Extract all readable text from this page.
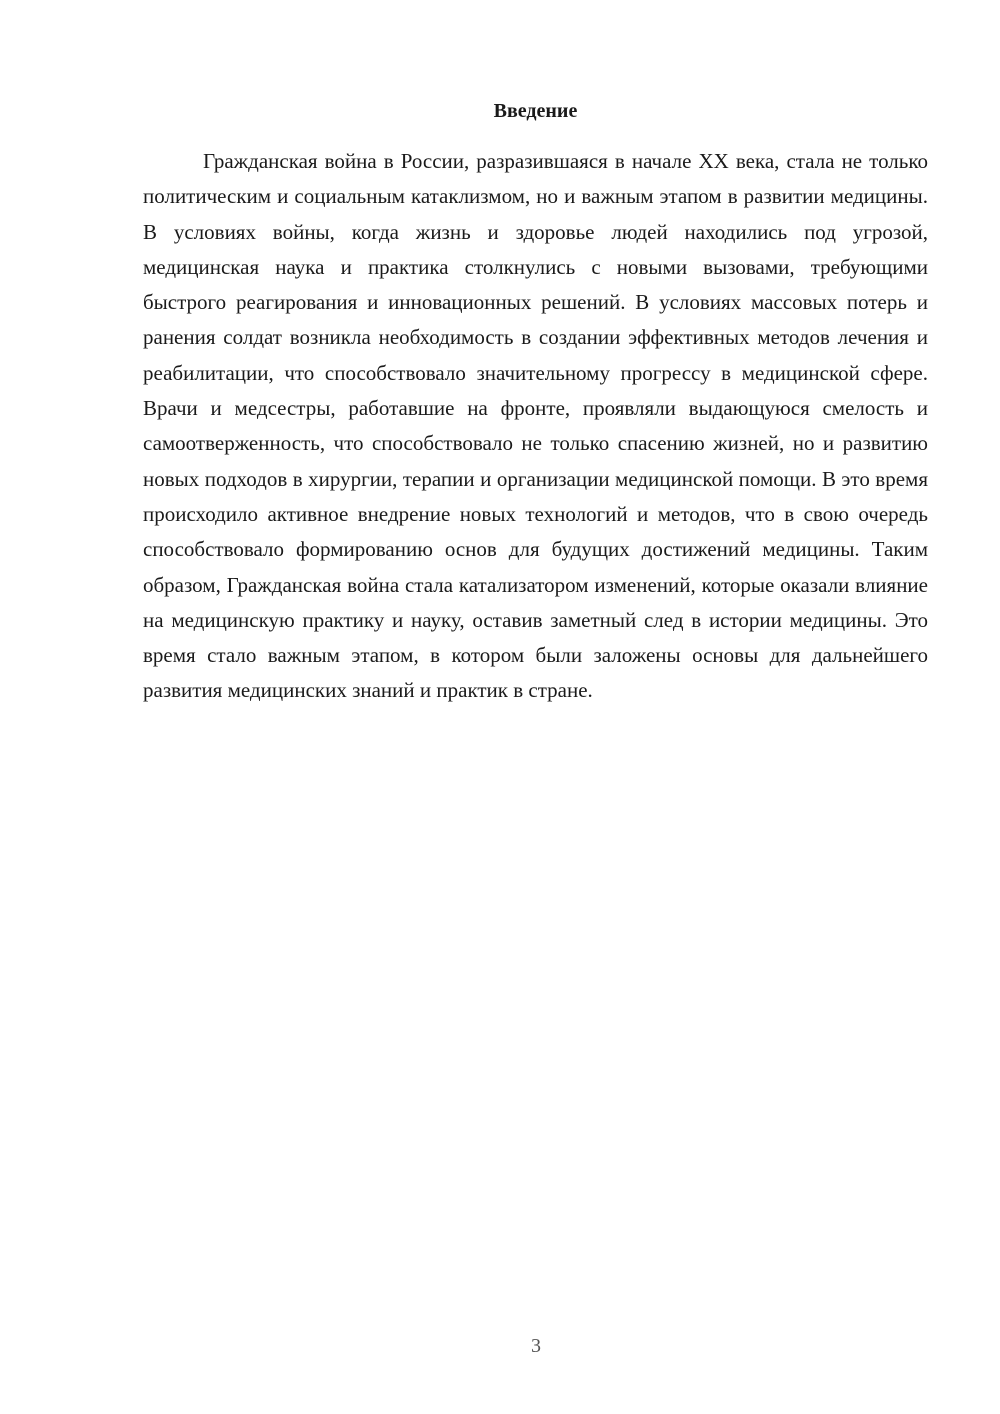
Введение

Гражданская война в России, разразившаяся в начале XX века, стала не только политическим и социальным катаклизмом, но и важным этапом в развитии медицины. В условиях войны, когда жизнь и здоровье людей находились под угрозой, медицинская наука и практика столкнулись с новыми вызовами, требующими быстрого реагирования и инновационных решений. В условиях массовых потерь и ранения солдат возникла необходимость в создании эффективных методов лечения и реабилитации, что способствовало значительному прогрессу в медицинской сфере. Врачи и медсестры, работавшие на фронте, проявляли выдающуюся смелость и самоотверженность, что способствовало не только спасению жизней, но и развитию новых подходов в хирургии, терапии и организации медицинской помощи. В это время происходило активное внедрение новых технологий и методов, что в свою очередь способствовало формированию основ для будущих достижений медицины. Таким образом, Гражданская война стала катализатором изменений, которые оказали влияние на медицинскую практику и науку, оставив заметный след в истории медицины. Это время стало важным этапом, в котором были заложены основы для дальнейшего развития медицинских знаний и практик в стране.

3
